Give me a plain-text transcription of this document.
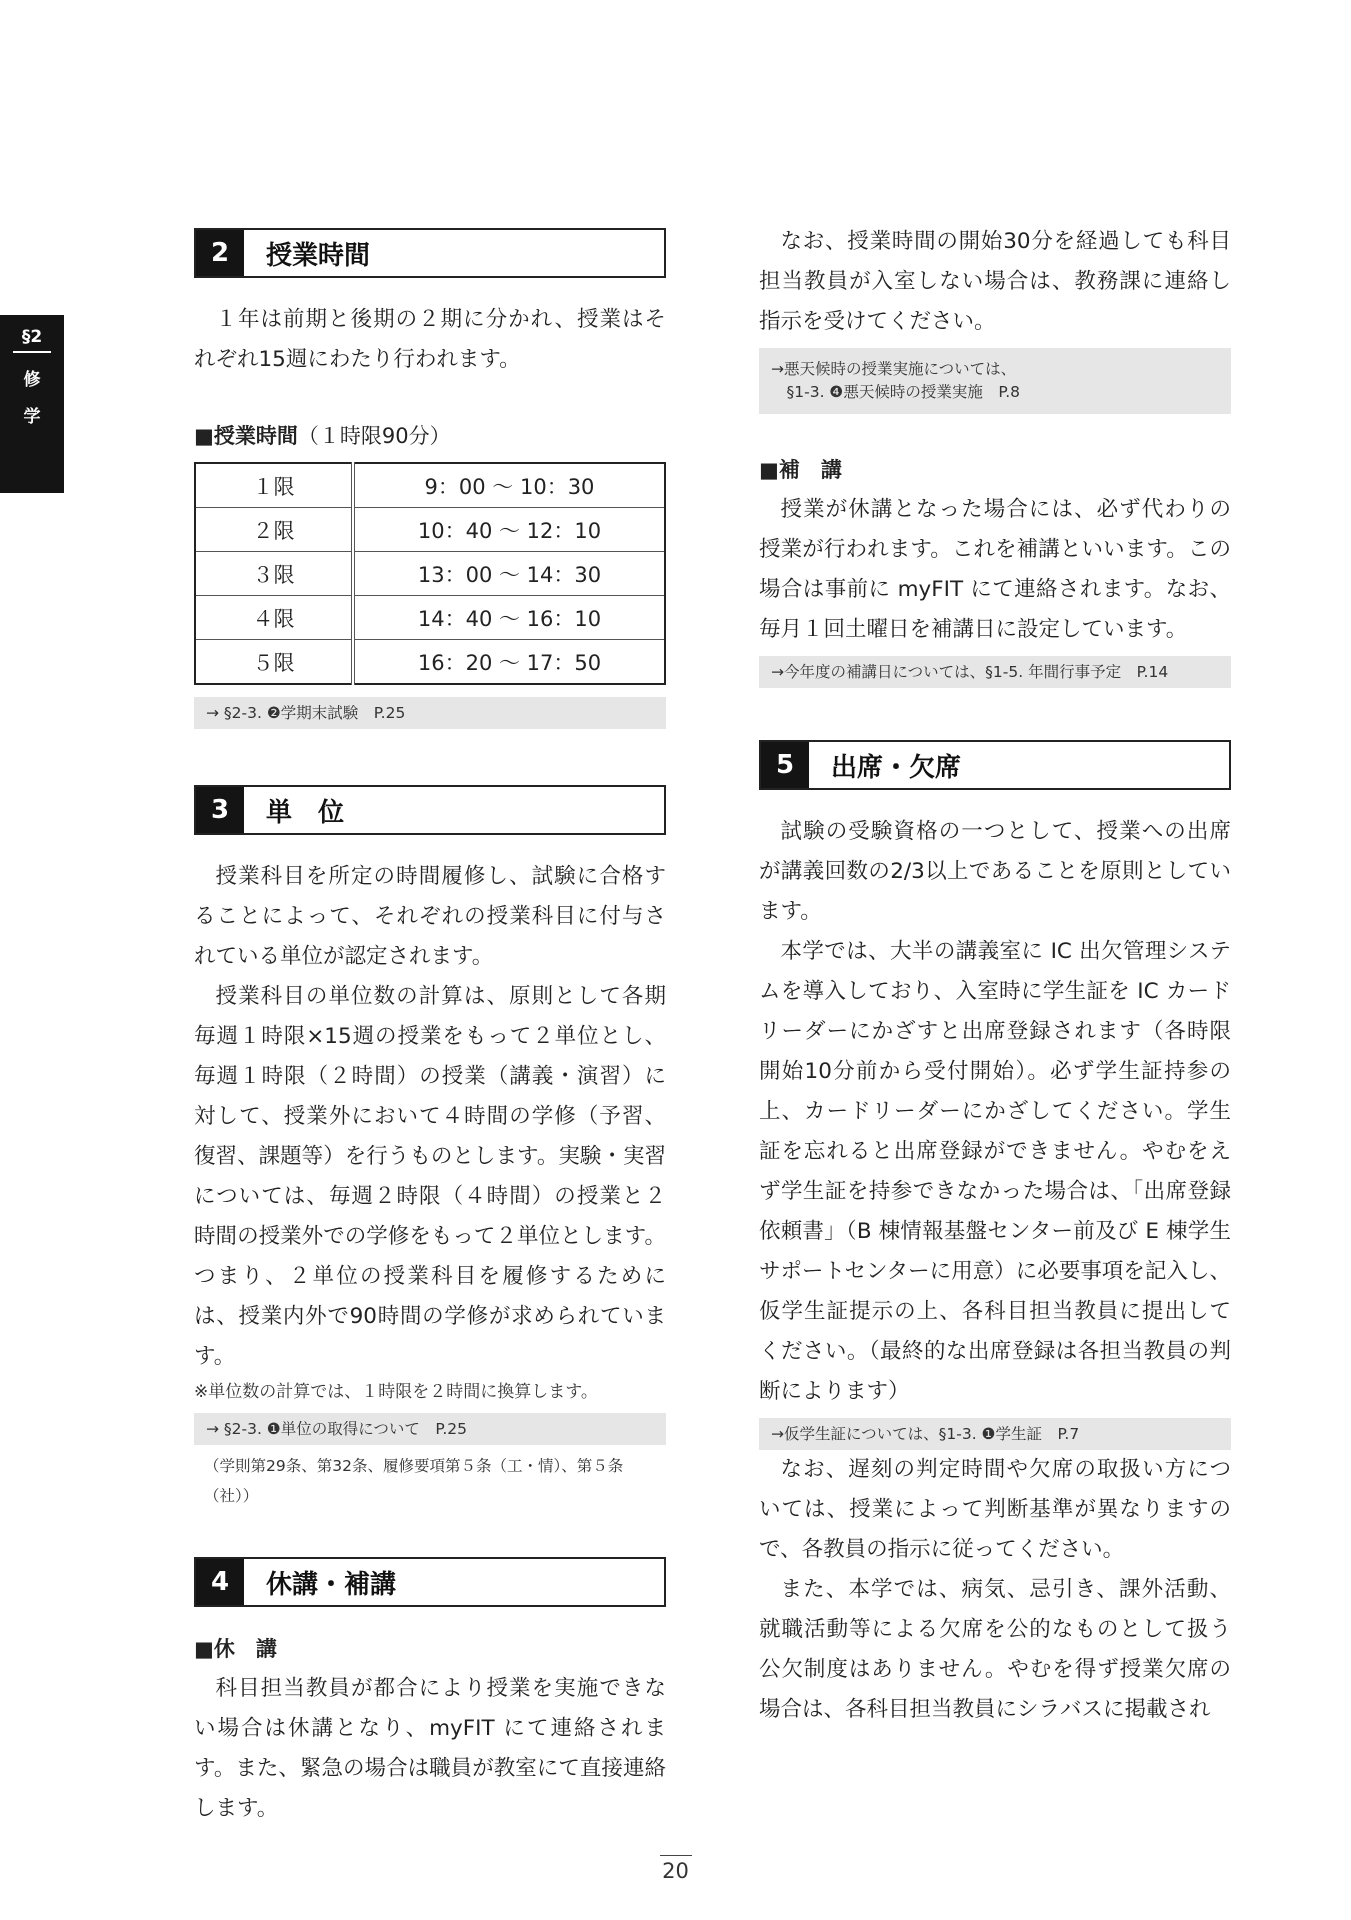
§2
修
学
2	授業時間

１年は前期と後期の２期に分かれ、授業はそれぞれ15週にわたり行われます。

■授業時間（１時限90分）

１限	9：00 ～ 10：30
２限	10：40 ～ 12：10
３限	13：00 ～ 14：30
４限	14：40 ～ 16：10
５限	16：20 ～ 17：50
→ §2-3. ❷学期末試験　P.25
3	単　位

授業科目を所定の時間履修し、試験に合格することによって、それぞれの授業科目に付与されている単位が認定されます。

授業科目の単位数の計算は、原則として各期毎週１時限×15週の授業をもって２単位とし、毎週１時限（２時間）の授業（講義・演習）に対して、授業外において４時間の学修（予習、復習、課題等）を行うものとします。実験・実習については、毎週２時限（４時間）の授業と２時間の授業外での学修をもって２単位とします。つまり、２単位の授業科目を履修するためには、授業内外で90時間の学修が求められています。

※単位数の計算では、１時限を２時間に換算します。

→ §2-3. ❶単位の取得について　P.25

（学則第29条、第32条、履修要項第５条（工・情）、第５条（社））

4	休講・補講

■休　講

科目担当教員が都合により授業を実施できない場合は休講となり、myFIT にて連絡されます。また、緊急の場合は職員が教室にて直接連絡します。

なお、授業時間の開始30分を経過しても科目担当教員が入室しない場合は、教務課に連絡し指示を受けてください。

→悪天候時の授業実施については、
　§1-3. ❹悪天候時の授業実施　P.8

■補　講

授業が休講となった場合には、必ず代わりの授業が行われます。これを補講といいます。この場合は事前に myFIT にて連絡されます。なお、毎月１回土曜日を補講日に設定しています。

→今年度の補講日については、§1-5. 年間行事予定　P.14
5	出席・欠席

試験の受験資格の一つとして、授業への出席が講義回数の2/3以上であることを原則としています。

本学では、大半の講義室に IC 出欠管理システムを導入しており、入室時に学生証を IC カードリーダーにかざすと出席登録されます（各時限開始10分前から受付開始）。必ず学生証持参の上、カードリーダーにかざしてください。学生証を忘れると出席登録ができません。やむをえず学生証を持参できなかった場合は、「出席登録依頼書」（B 棟情報基盤センター前及び E 棟学生サポートセンターに用意）に必要事項を記入し、仮学生証提示の上、各科目担当教員に提出してください。（最終的な出席登録は各担当教員の判断によります）

→仮学生証については、§1-3. ❶学生証　P.7

なお、遅刻の判定時間や欠席の取扱い方については、授業によって判断基準が異なりますので、各教員の指示に従ってください。

また、本学では、病気、忌引き、課外活動、就職活動等による欠席を公的なものとして扱う公欠制度はありません。やむを得ず授業欠席の場合は、各科目担当教員にシラバスに掲載され

20
